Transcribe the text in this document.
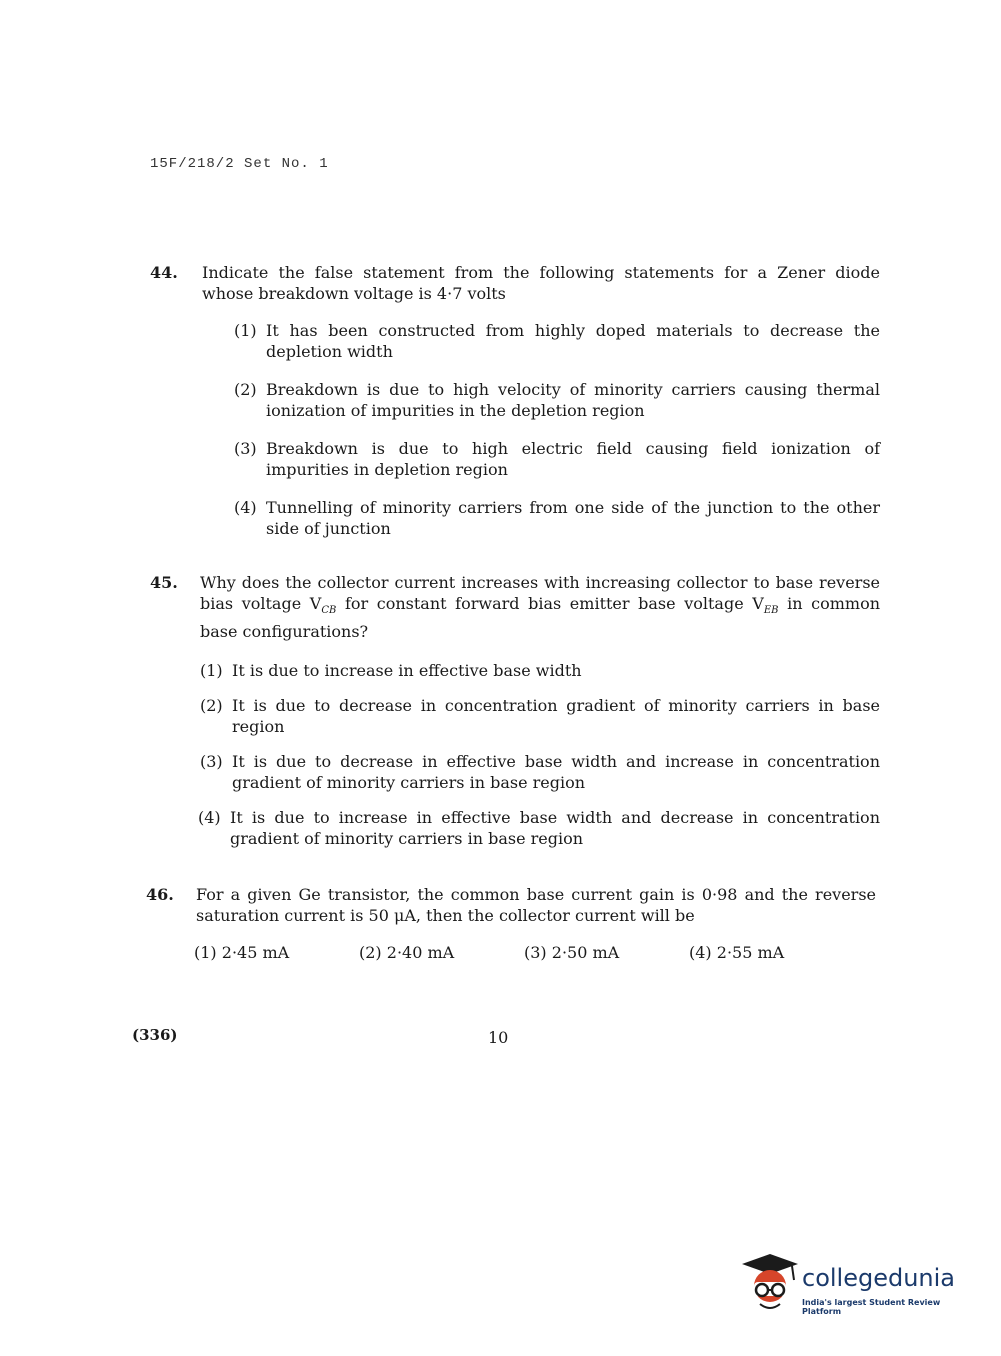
15F/218/2 Set No. 1
44. Indicate the false statement from the following statements for a Zener diode whose breakdown voltage is 4·7 volts
(1) It has been constructed from highly doped materials to decrease the depletion width
(2) Breakdown is due to high velocity of minority carriers causing thermal ionization of impurities in the depletion region
(3) Breakdown is due to high electric field causing field ionization of impurities in depletion region
(4) Tunnelling of minority carriers from one side of the junction to the other side of junction
45. Why does the collector current increases with increasing collector to base reverse bias voltage $V_{CB}$ for constant forward bias emitter base voltage $V_{EB}$ in common base configurations?
(1) It is due to increase in effective base width
(2) It is due to decrease in concentration gradient of minority carriers in base region
(3) It is due to decrease in effective base width and increase in concentration gradient of minority carriers in base region
(4) It is due to increase in effective base width and decrease in concentration gradient of minority carriers in base region
46. For a given Ge transistor, the common base current gain is 0·98 and the reverse saturation current is 50 μA, then the collector current will be
(1) 2·45 mA	(2) 2·40 mA	(3) 2·50 mA	(4) 2·55 mA
(336)	10
collegedunia
India's largest Student Review Platform
